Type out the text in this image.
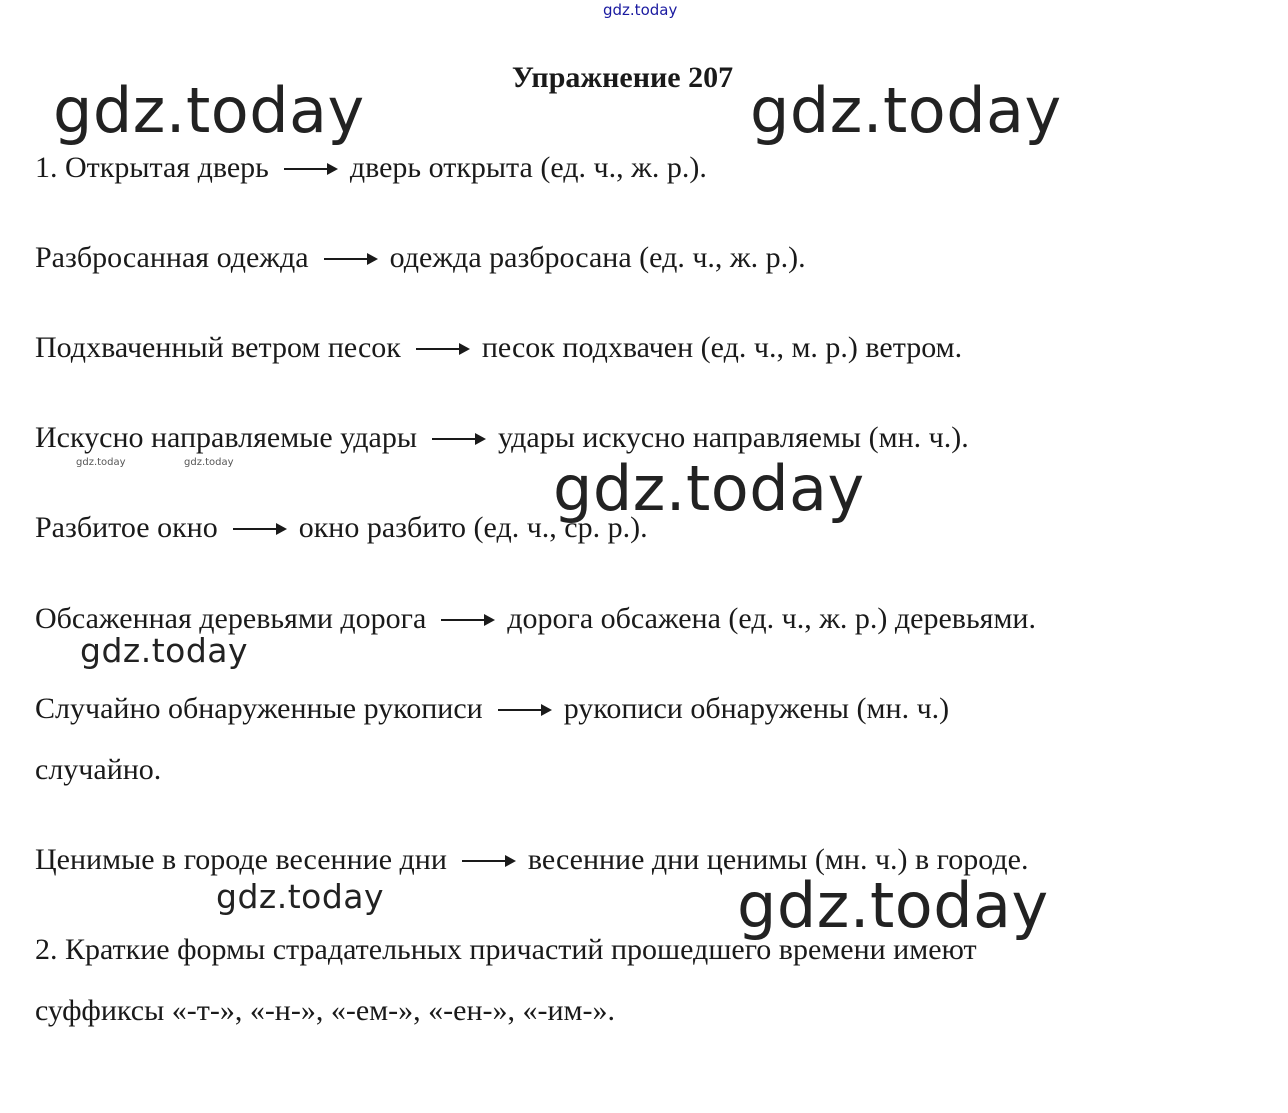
gdz.today
gdz.today	gdz.today
gdz.today	gdz.today	gdz.today
gdz.today
gdz.today	gdz.today
Упражнение 207
1. Открытая дверь	дверь открыта (ед. ч., ж. р.).
Разбросанная одежда	одежда разбросана (ед. ч., ж. р.).
Подхваченный ветром песок	песок подхвачен (ед. ч., м. р.) ветром.
Искусно направляемые удары	удары искусно направляемы (мн. ч.).
Разбитое окно	окно разбито (ед. ч., ср. р.).
Обсаженная деревьями дорога	дорога обсажена (ед. ч., ж. р.) деревьями.
Случайно обнаруженные рукописи	рукописи обнаружены (мн. ч.)
случайно.
Ценимые в городе весенние дни	весенние дни ценимы (мн. ч.) в городе.
2. Краткие формы страдательных причастий прошедшего времени имеют
суффиксы «-т-», «-н-», «-ем-», «-ен-», «-им-».
